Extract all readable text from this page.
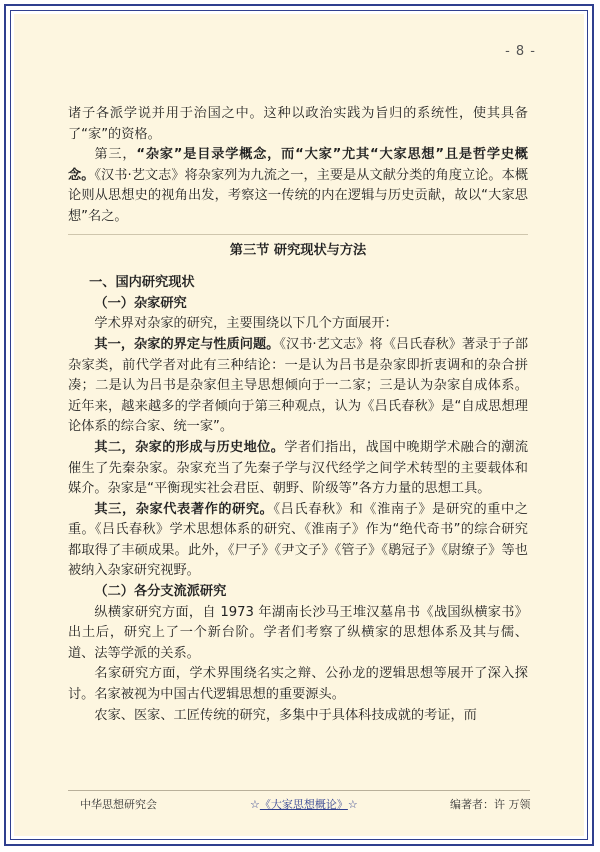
- 8 -

诸子各派学说并用于治国之中。这种以政治实践为旨归的系统性，使其具备了“家”的资格。

第三，“杂家”是目录学概念，而“大家”尤其“大家思想”且是哲学史概念。《汉书·艺文志》将杂家列为九流之一，主要是从文献分类的角度立论。本概论则从思想史的视角出发，考察这一传统的内在逻辑与历史贡献，故以“大家思想”名之。

第三节 研究现状与方法

一、国内研究现状

（一）杂家研究

学术界对杂家的研究，主要围绕以下几个方面展开：

其一，杂家的界定与性质问题。《汉书·艺文志》将《吕氏春秋》著录于子部杂家类，前代学者对此有三种结论：一是认为吕书是杂家即折衷调和的杂合拼凑；二是认为吕书是杂家但主导思想倾向于一二家；三是认为杂家自成体系。近年来，越来越多的学者倾向于第三种观点，认为《吕氏春秋》是“自成思想理论体系的综合家、统一家”。

其二，杂家的形成与历史地位。学者们指出，战国中晚期学术融合的潮流催生了先秦杂家。杂家充当了先秦子学与汉代经学之间学术转型的主要载体和媒介。杂家是“平衡现实社会君臣、朝野、阶级等”各方力量的思想工具。

其三，杂家代表著作的研究。《吕氏春秋》和《淮南子》是研究的重中之重。《吕氏春秋》学术思想体系的研究、《淮南子》作为“绝代奇书”的综合研究都取得了丰硕成果。此外，《尸子》《尹文子》《管子》《鹖冠子》《尉缭子》等也被纳入杂家研究视野。

（二）各分支流派研究

纵横家研究方面，自 1973 年湖南长沙马王堆汉墓帛书《战国纵横家书》出土后，研究上了一个新台阶。学者们考察了纵横家的思想体系及其与儒、道、法等学派的关系。

名家研究方面，学术界围绕名实之辩、公孙龙的逻辑思想等展开了深入探讨。名家被视为中国古代逻辑思想的重要源头。

农家、医家、工匠传统的研究，多集中于具体科技成就的考证，而

中华思想研究会	☆《大家思想概论》☆	编著者：许 万领
